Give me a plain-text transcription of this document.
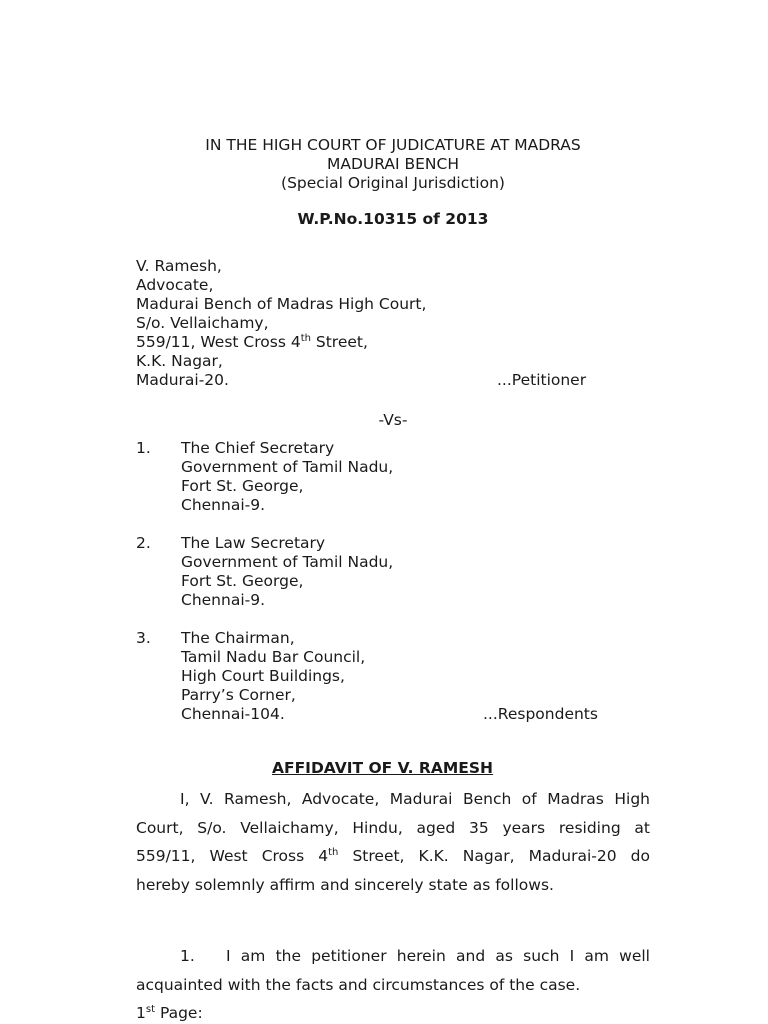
IN THE HIGH COURT OF JUDICATURE AT MADRAS
MADURAI BENCH
(Special Original Jurisdiction)
W.P.No.10315 of 2013
V. Ramesh,
Advocate,
Madurai Bench of Madras High Court,
S/o. Vellaichamy,
559/11, West Cross 4th Street,
K.K. Nagar,
Madurai-20.	...Petitioner
-Vs-
1. The Chief Secretary
Government of Tamil Nadu,
Fort St. George,
Chennai-9.
2. The Law Secretary
Government of Tamil Nadu,
Fort St. George,
Chennai-9.
3. The Chairman,
Tamil Nadu Bar Council,
High Court Buildings,
Parry’s Corner,
Chennai-104.	...Respondents
AFFIDAVIT OF V. RAMESH
I, V. Ramesh, Advocate, Madurai Bench of Madras High
Court, S/o. Vellaichamy, Hindu, aged 35 years residing at
559/11, West Cross 4th Street, K.K. Nagar, Madurai-20 do
hereby solemnly affirm and sincerely state as follows.
1. I am the petitioner herein and as such I am well
acquainted with the facts and circumstances of the case.
1st Page:
